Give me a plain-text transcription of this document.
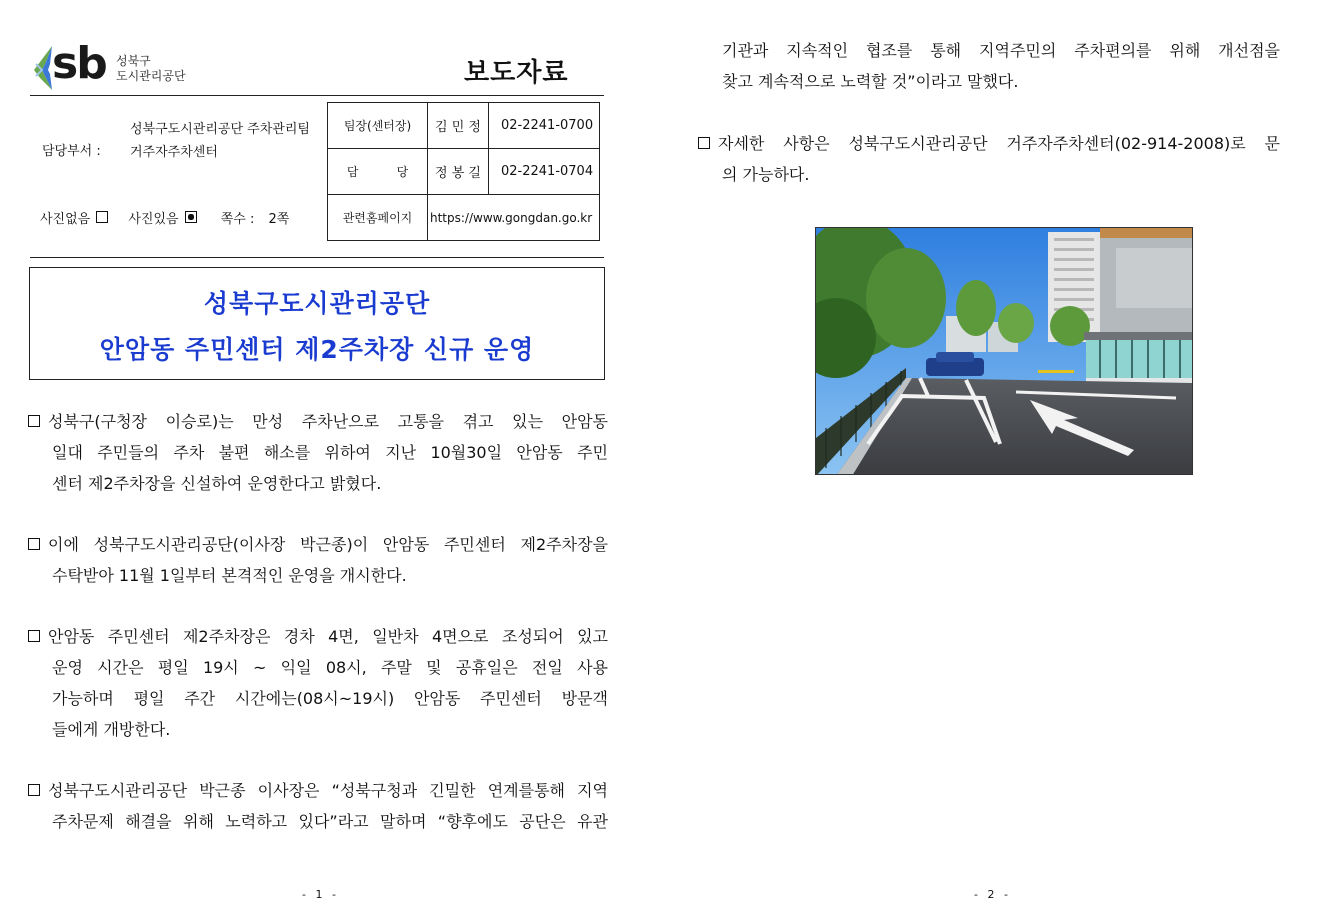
sb 성북구
도시관리공단	보도자료
담당부서 :
성북구도시관리공단 주차관리팀
거주자주차센터
사진없음	사진있음	쪽수 : 2쪽
팀장(센터장)	김 민 정	02-2241-0700
담          당	정 봉 길	02-2241-0704
관련홈페이지	https://www.gongdan.go.kr	
성북구도시관리공단
안암동 주민센터 제2주차장 신규 운영
성북구(구청장 이승로)는 만성 주차난으로 고통을 겪고 있는 안암동
일대 주민들의 주차 불편 해소를 위하여 지난 10월30일 안암동 주민
센터 제2주차장을 신설하여 운영한다고 밝혔다.
이에 성북구도시관리공단(이사장 박근종)이 안암동 주민센터 제2주차장을
수탁받아 11월 1일부터 본격적인 운영을 개시한다.
안암동 주민센터 제2주차장은 경차 4면, 일반차 4면으로 조성되어 있고
운영 시간은 평일 19시 ~ 익일 08시, 주말 및 공휴일은 전일 사용
가능하며 평일 주간 시간에는(08시~19시) 안암동 주민센터 방문객
들에게 개방한다.
성북구도시관리공단 박근종 이사장은 “성북구청과 긴밀한 연계를통해 지역
주차문제 해결을 위해 노력하고 있다”라고 말하며 “향후에도 공단은 유관
- 1 -
기관과 지속적인 협조를 통해 지역주민의 주차편의를 위해 개선점을
찾고 계속적으로 노력할 것”이라고 말했다.
자세한 사항은 성북구도시관리공단 거주자주차센터(02-914-2008)로 문
의 가능하다.
- 2 -
